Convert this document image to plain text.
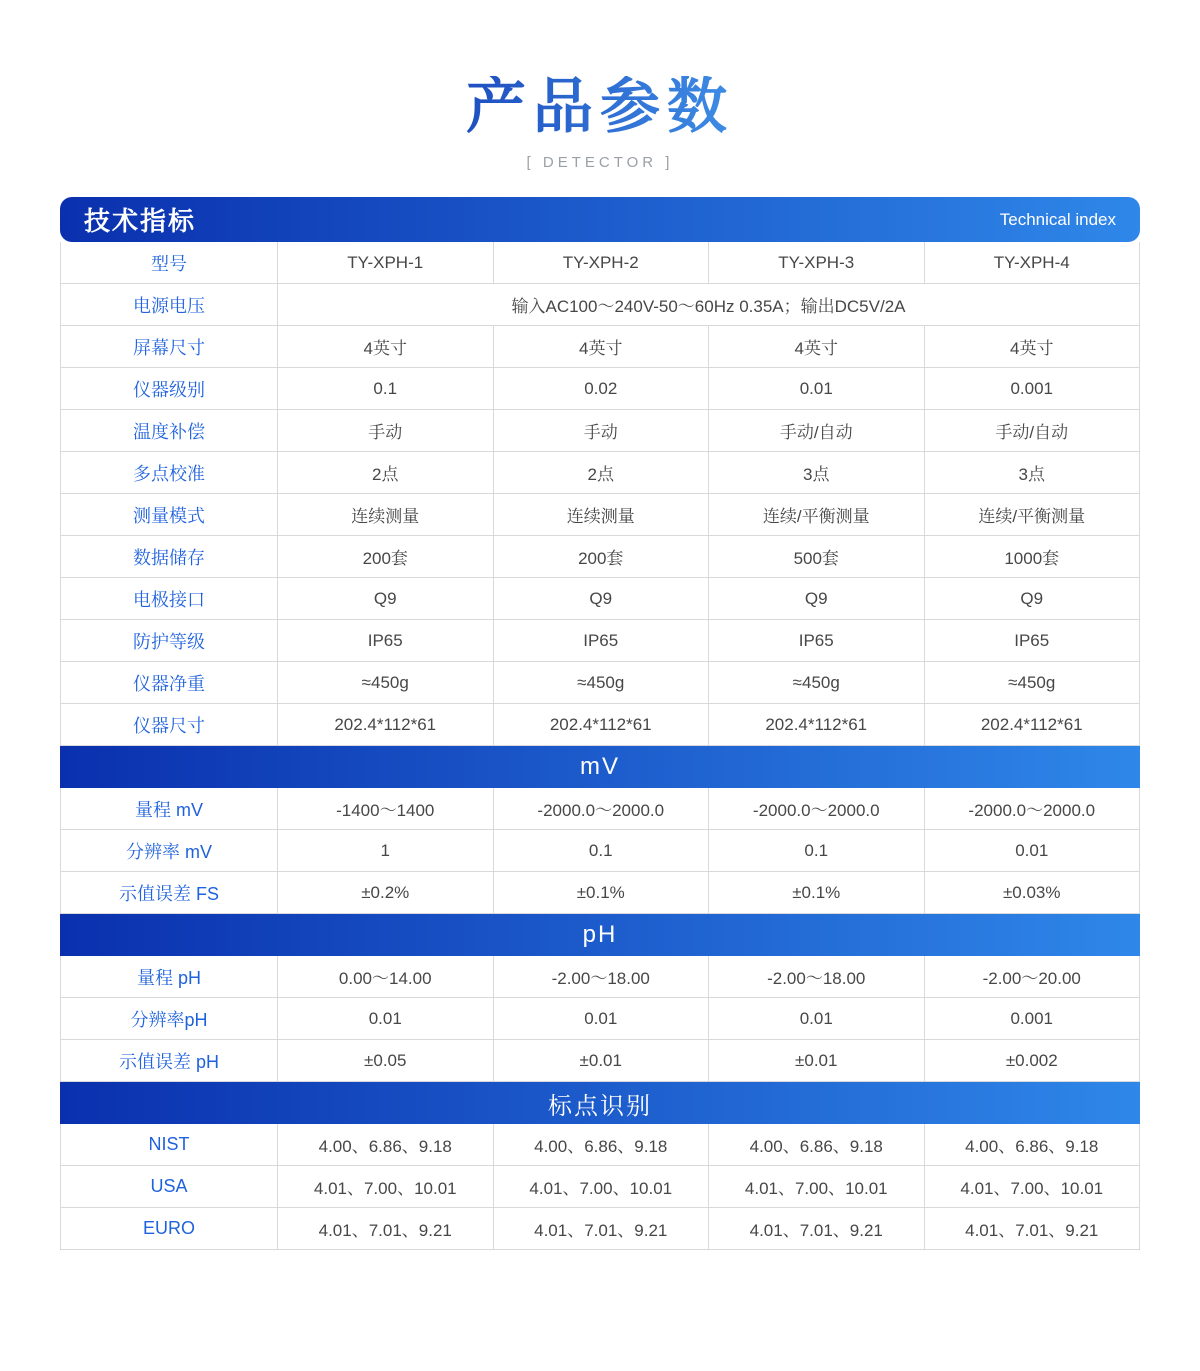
产品参数
[ DETECTOR ]
技术指标	Technical index
型号	TY-XPH-1	TY-XPH-2	TY-XPH-3	TY-XPH-4
电源电压	输入AC100～240V-50～60Hz 0.35A；输出DC5V/2A
屏幕尺寸	4英寸	4英寸	4英寸	4英寸
仪器级别	0.1	0.02	0.01	0.001
温度补偿	手动	手动	手动/自动	手动/自动
多点校准	2点	2点	3点	3点
测量模式	连续测量	连续测量	连续/平衡测量	连续/平衡测量
数据储存	200套	200套	500套	1000套
电极接口	Q9	Q9	Q9	Q9
防护等级	IP65	IP65	IP65	IP65
仪器净重	≈450g	≈450g	≈450g	≈450g
仪器尺寸	202.4*112*61	202.4*112*61	202.4*112*61	202.4*112*61
mV
量程 mV	-1400～1400	-2000.0～2000.0	-2000.0～2000.0	-2000.0～2000.0
分辨率 mV	1	0.1	0.1	0.01
示值误差 FS	±0.2%	±0.1%	±0.1%	±0.03%
pH
量程 pH	0.00～14.00	-2.00～18.00	-2.00～18.00	-2.00～20.00
分辨率pH	0.01	0.01	0.01	0.001
示值误差 pH	±0.05	±0.01	±0.01	±0.002
标点识别
NIST	4.00、6.86、9.18	4.00、6.86、9.18	4.00、6.86、9.18	4.00、6.86、9.18
USA	4.01、7.00、10.01	4.01、7.00、10.01	4.01、7.00、10.01	4.01、7.00、10.01
EURO	4.01、7.01、9.21	4.01、7.01、9.21	4.01、7.01、9.21	4.01、7.01、9.21
